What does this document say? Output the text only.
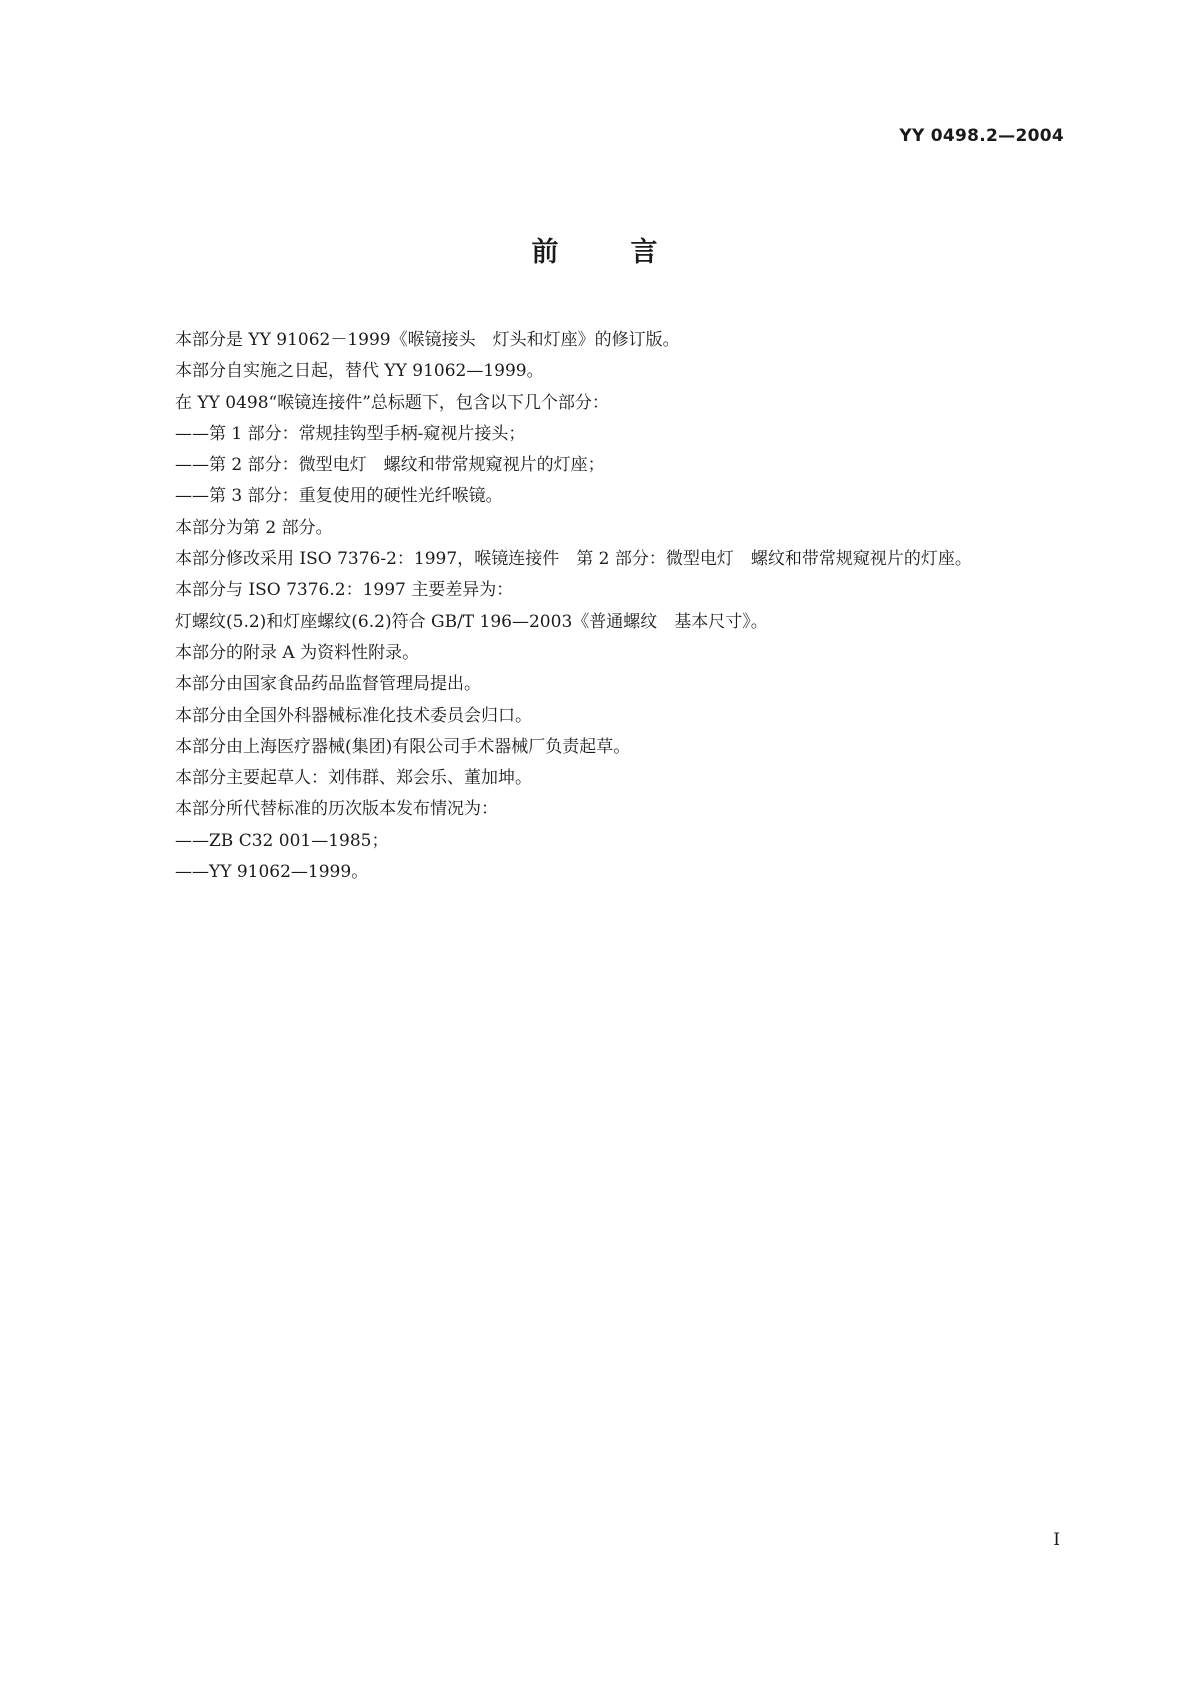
YY 0498.2—2004
前	言

本部分是 YY 91062－1999《喉镜接头　灯头和灯座》的修订版。

本部分自实施之日起，替代 YY 91062—1999。

在 YY 0498“喉镜连接件”总标题下，包含以下几个部分：

——第 1 部分：常规挂钩型手柄-窥视片接头；

——第 2 部分：微型电灯　螺纹和带常规窥视片的灯座；

——第 3 部分：重复使用的硬性光纤喉镜。

本部分为第 2 部分。

本部分修改采用 ISO 7376-2：1997，喉镜连接件　第 2 部分：微型电灯　螺纹和带常规窥视片的灯座。

本部分与 ISO 7376.2：1997 主要差异为：

灯螺纹(5.2)和灯座螺纹(6.2)符合 GB/T 196—2003《普通螺纹　基本尺寸》。

本部分的附录 A 为资料性附录。

本部分由国家食品药品监督管理局提出。

本部分由全国外科器械标准化技术委员会归口。

本部分由上海医疗器械(集团)有限公司手术器械厂负责起草。

本部分主要起草人：刘伟群、郑会乐、董加坤。

本部分所代替标准的历次版本发布情况为：

——ZB C32 001—1985；

——YY 91062—1999。

I
